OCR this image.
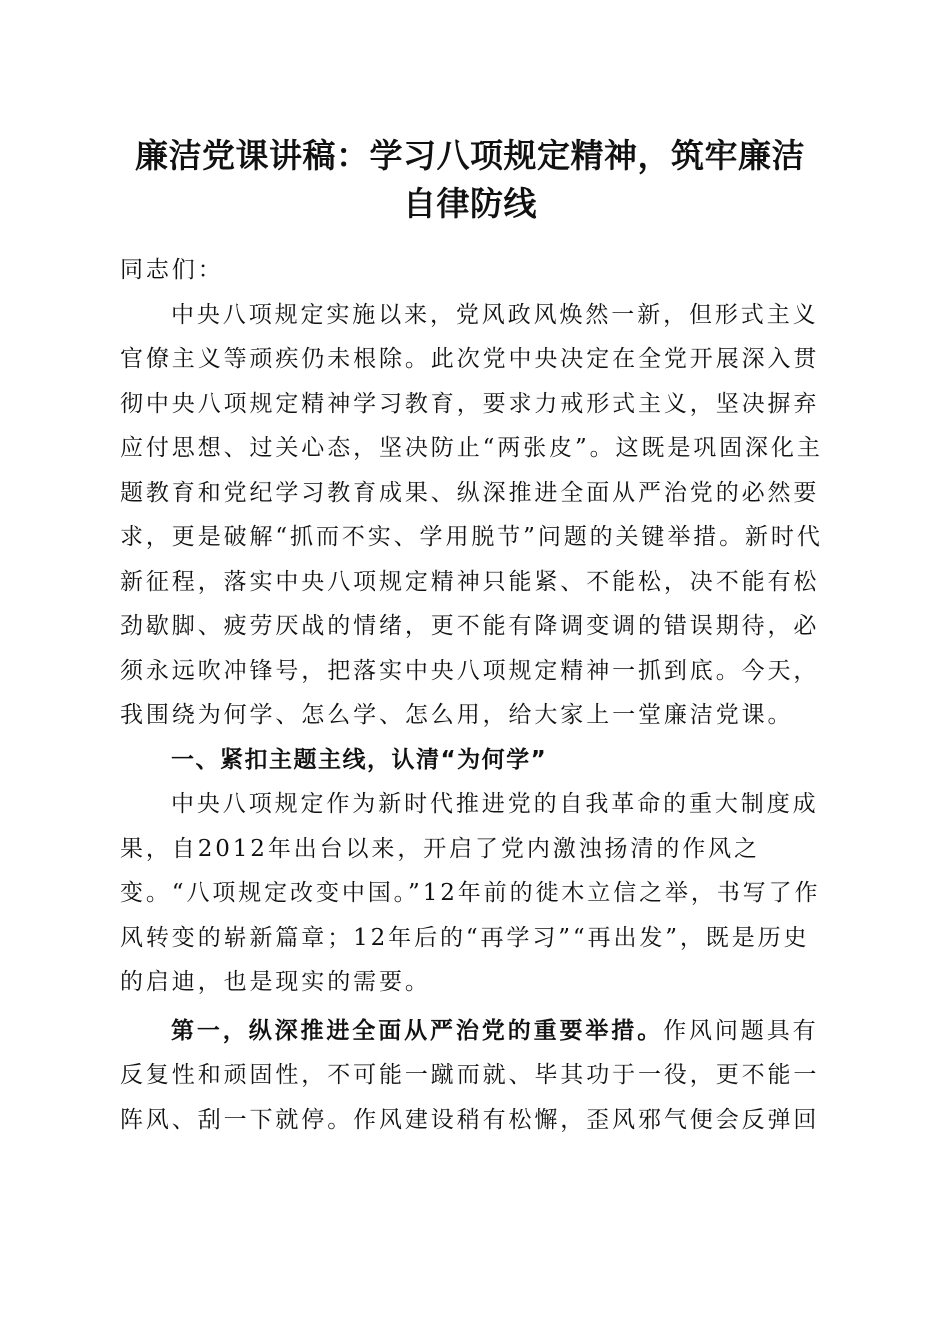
廉洁党课讲稿：学习八项规定精神，筑牢廉洁
自律防线

同志们：

中央八项规定实施以来，党风政风焕然一新，但形式主义官僚主义等顽疾仍未根除。此次党中央决定在全党开展深入贯彻中央八项规定精神学习教育，要求力戒形式主义，坚决摒弃应付思想、过关心态，坚决防止“两张皮”。这既是巩固深化主题教育和党纪学习教育成果、纵深推进全面从严治党的必然要求，更是破解“抓而不实、学用脱节”问题的关键举措。新时代新征程，落实中央八项规定精神只能紧、不能松，决不能有松劲歇脚、疲劳厌战的情绪，更不能有降调变调的错误期待，必须永远吹冲锋号，把落实中央八项规定精神一抓到底。今天，我围绕为何学、怎么学、怎么用，给大家上一堂廉洁党课。

一、紧扣主题主线，认清“为何学”

中央八项规定作为新时代推进党的自我革命的重大制度成果，自2012年出台以来，开启了党内激浊扬清的作风之变。“八项规定改变中国。”12年前的徙木立信之举，书写了作风转变的崭新篇章；12年后的“再学习”“再出发”，既是历史的启迪，也是现实的需要。

第一，纵深推进全面从严治党的重要举措。作风问题具有反复性和顽固性，不可能一蹴而就、毕其功于一役，更不能一阵风、刮一下就停。作风建设稍有松懈，歪风邪气便会反弹回
